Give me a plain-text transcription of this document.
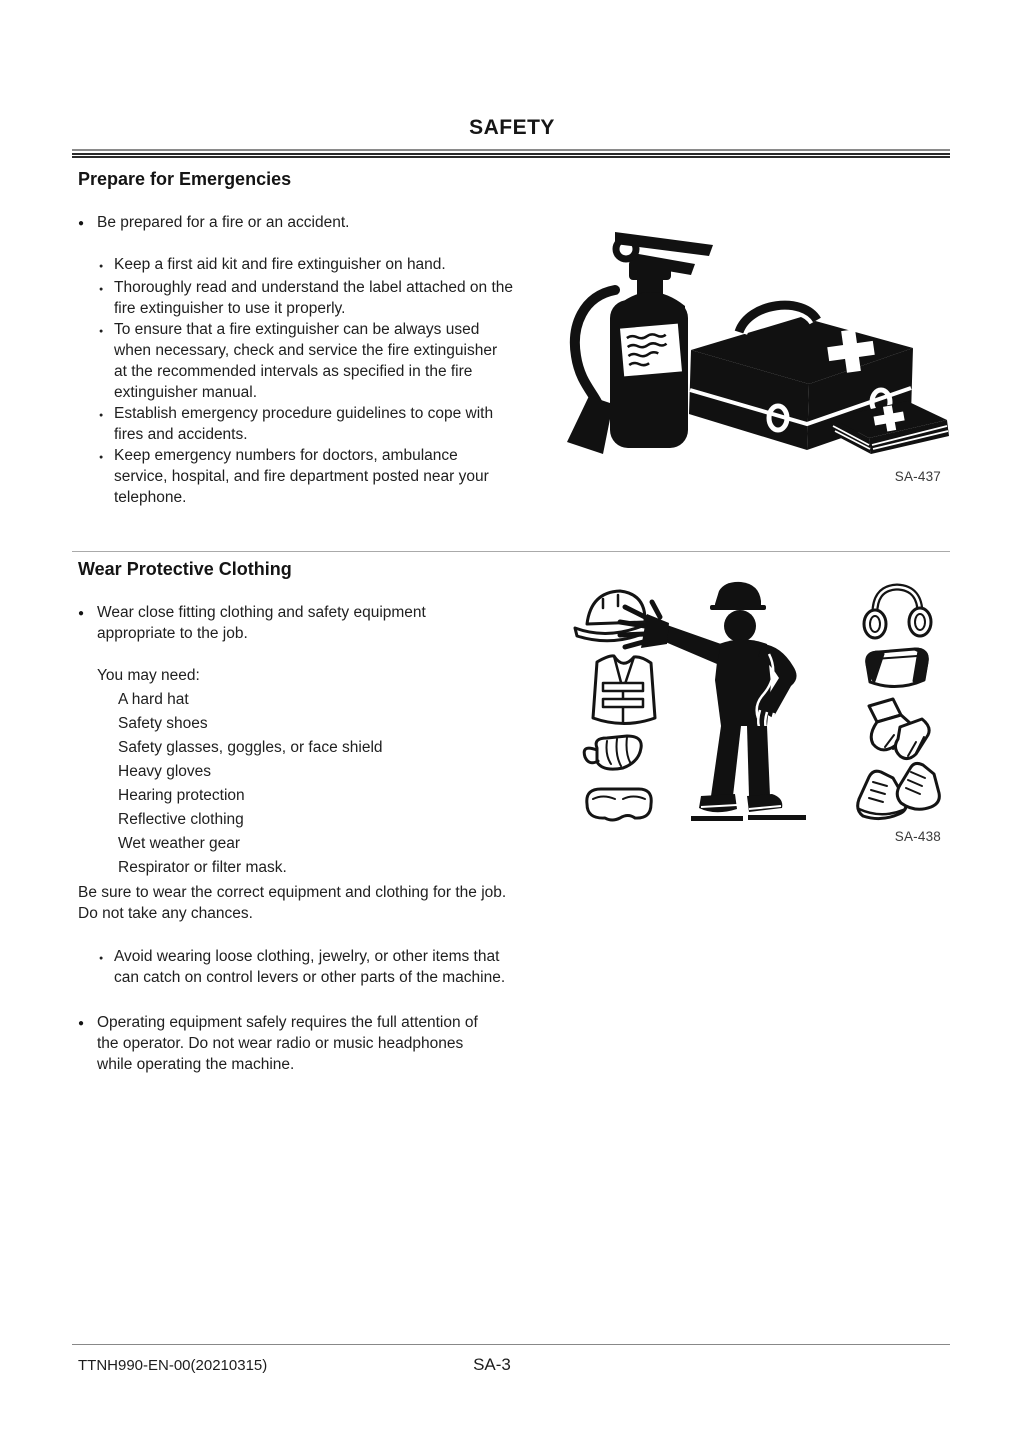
SAFETY
Prepare for Emergencies
● Be prepared for a fire or an accident.
● Keep a first aid kit and fire extinguisher on hand.
● Thoroughly read and understand the label attached on the fire extinguisher to use it properly.
● To ensure that a fire extinguisher can be always used when necessary, check and service the fire extinguisher at the recommended intervals as specified in the fire extinguisher manual.
● Establish emergency procedure guidelines to cope with fires and accidents.
● Keep emergency numbers for doctors, ambulance service, hospital, and fire department posted near your telephone.
SA-437
Wear Protective Clothing
● Wear close fitting clothing and safety equipment appropriate to the job.
You may need:
A hard hat
Safety shoes
Safety glasses, goggles, or face shield
Heavy gloves
Hearing protection
Reflective clothing
Wet weather gear
Respirator or filter mask.
Be sure to wear the correct equipment and clothing for the job. Do not take any chances.
● Avoid wearing loose clothing, jewelry, or other items that can catch on control levers or other parts of the machine.
● Operating equipment safely requires the full attention of the operator. Do not wear radio or music headphones while operating the machine.
SA-438
TTNH990-EN-00(20210315)	SA-3
